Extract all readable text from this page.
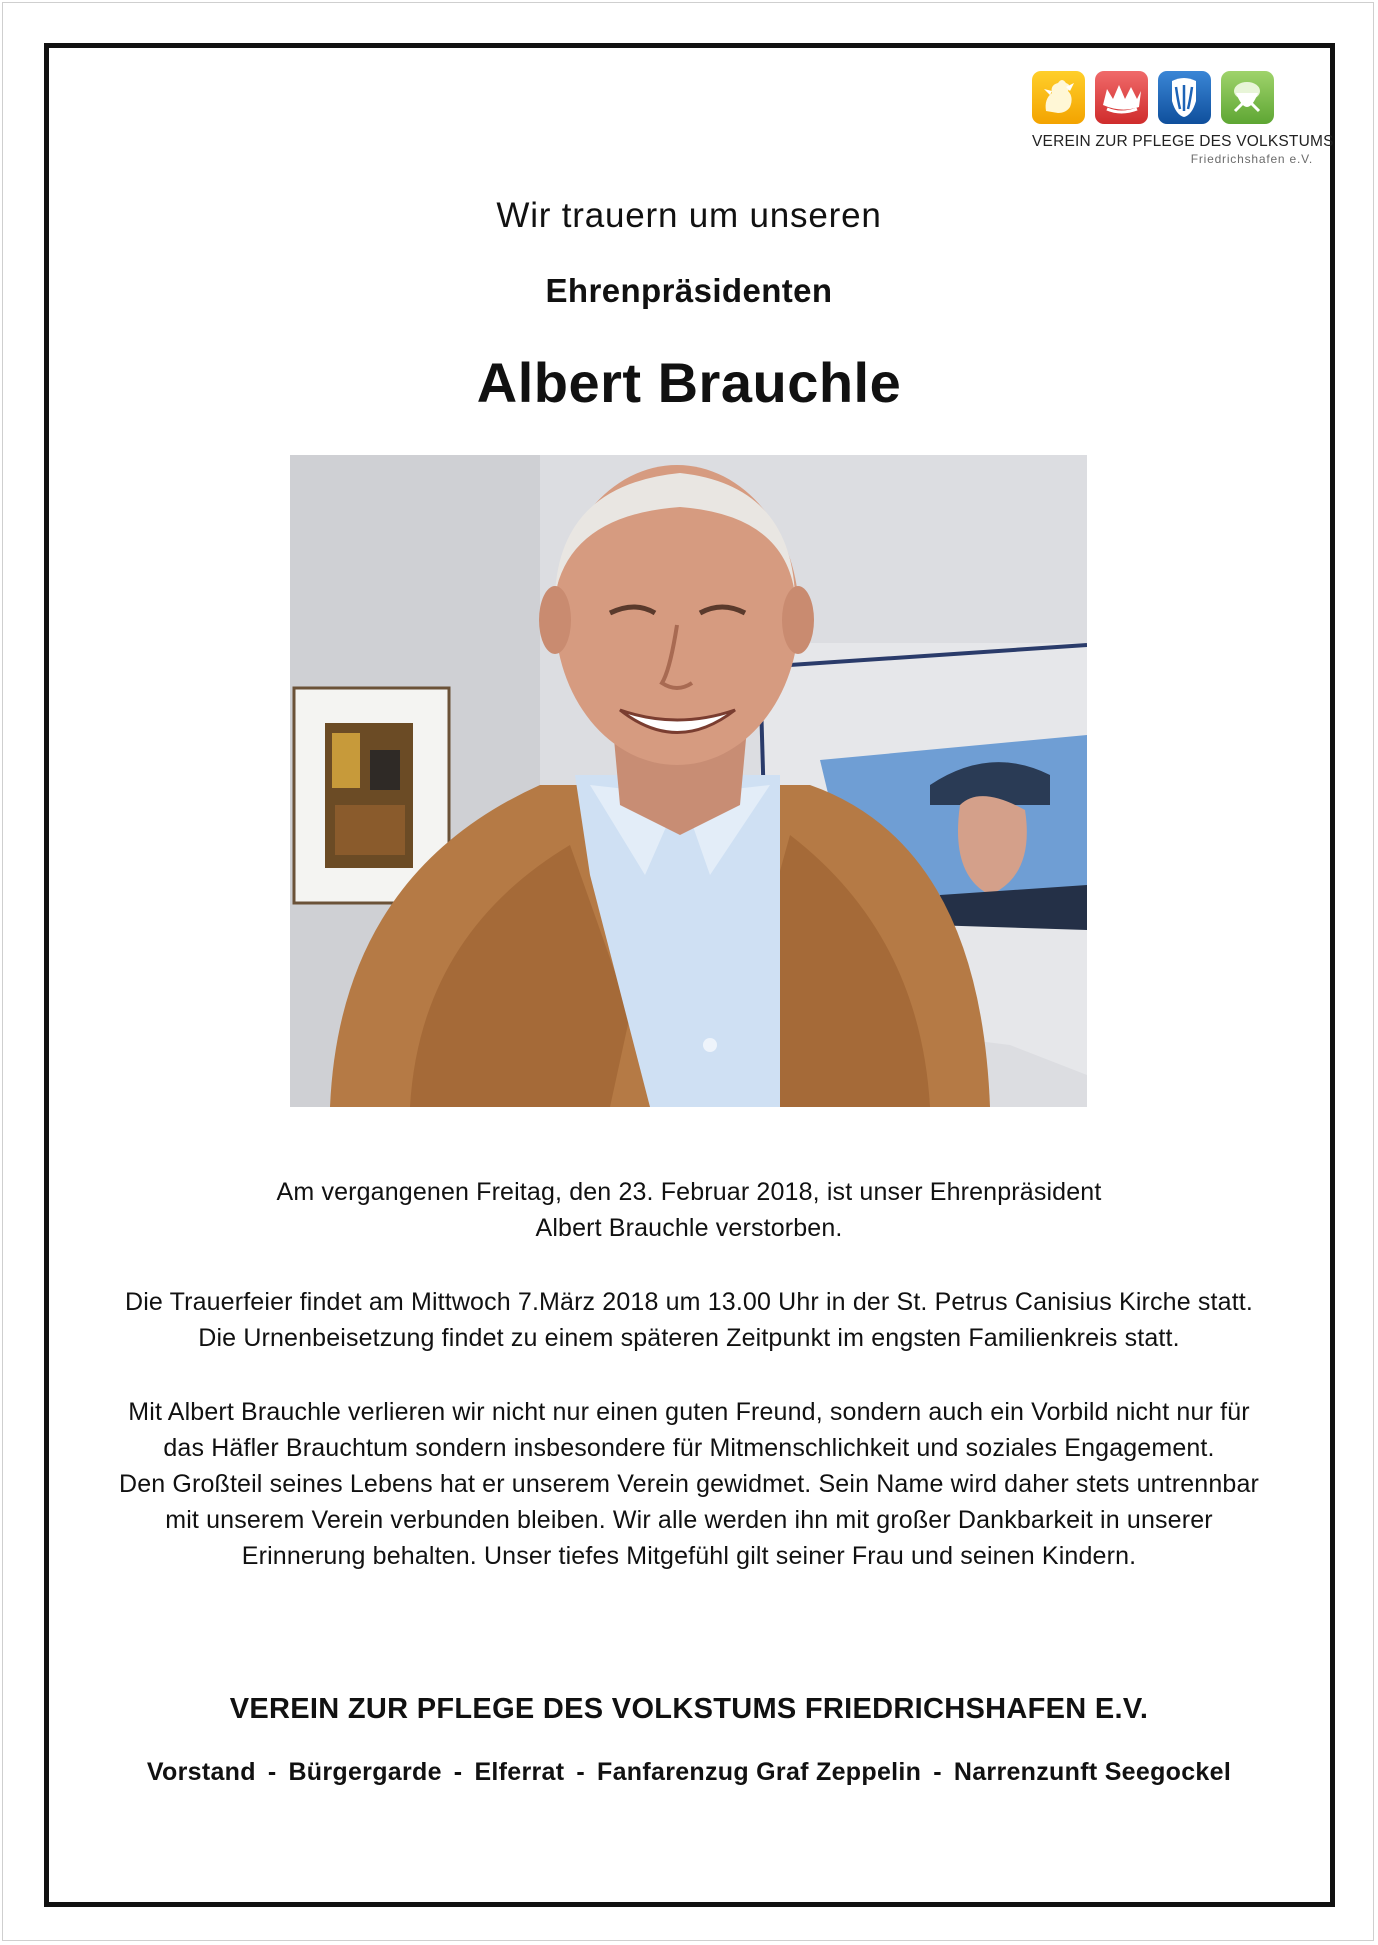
VEREIN ZUR PFLEGE DES VOLKSTUMS
Friedrichshafen e.V.
Wir trauern um unseren
Ehrenpräsidenten
Albert Brauchle
Am vergangenen Freitag, den 23. Februar 2018, ist unser Ehrenpräsident
Albert Brauchle verstorben.
Die Trauerfeier findet am Mittwoch 7.März 2018 um 13.00 Uhr in der St. Petrus Canisius Kirche statt.
Die Urnenbeisetzung findet zu einem späteren Zeitpunkt im engsten Familienkreis statt.
Mit Albert Brauchle verlieren wir nicht nur einen guten Freund, sondern auch ein Vorbild nicht nur für
das Häfler Brauchtum sondern insbesondere für Mitmenschlichkeit und soziales Engagement.
Den Großteil seines Lebens hat er unserem Verein gewidmet. Sein Name wird daher stets untrennbar
mit unserem Verein verbunden bleiben. Wir alle werden ihn mit großer Dankbarkeit in unserer
Erinnerung behalten. Unser tiefes Mitgefühl gilt seiner Frau und seinen Kindern.
VEREIN ZUR PFLEGE DES VOLKSTUMS FRIEDRICHSHAFEN E.V.
Vorstand - Bürgergarde - Elferrat - Fanfarenzug Graf Zeppelin - Narrenzunft Seegockel
